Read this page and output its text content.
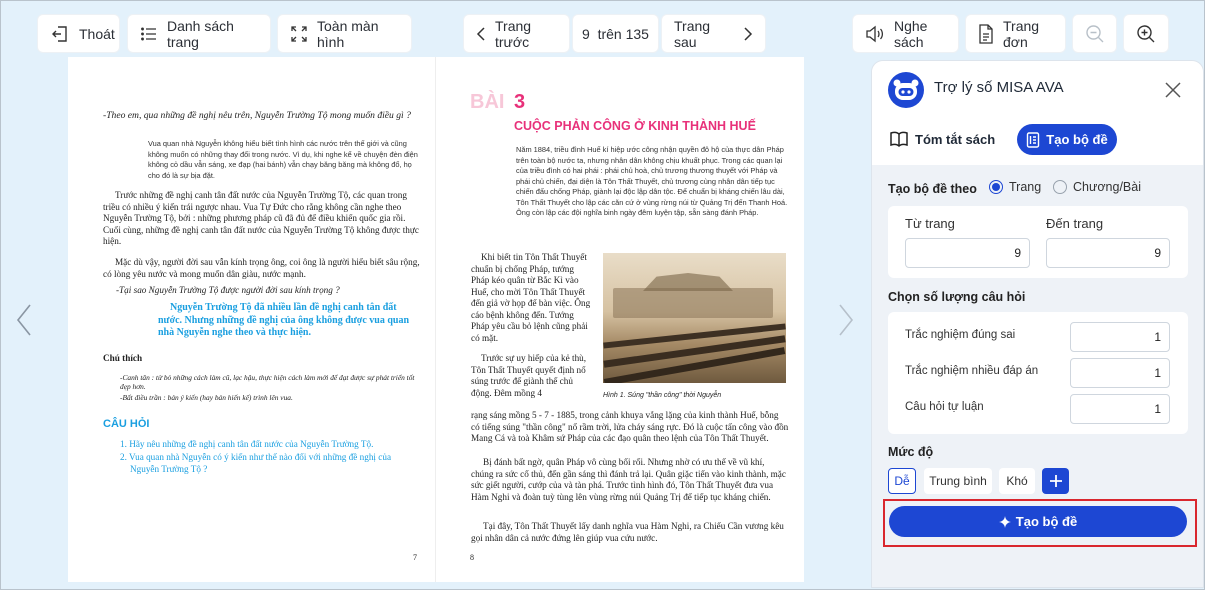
Thoát	Danh sách trang
Toàn màn hình
Trang trước	9  trên 135 Trang sau
Nghe sách
Trang đơn
-Theo em, qua những đề nghị nêu trên, Nguyễn Trường Tộ mong muốn điều gì ?
Vua quan nhà Nguyễn không hiểu biết tình hình các nước trên thế giới và cũng không muốn có những thay đổi trong nước. Vì dụ, khi nghe kể về chuyện đèn điện không cỏ dầu vẫn sáng, xe đạp (hai bánh) vẫn chạy băng băng mà không đổ, họ cho đó là sự bịa đặt.
Trước những đề nghị canh tân đất nước của Nguyễn Trường Tộ, các quan trong triều có nhiều ý kiến trái ngược nhau. Vua Tự Đức cho rằng không cần nghe theo Nguyễn Trường Tộ, bởi : những phương pháp cũ đã đủ để điều khiển quốc gia rồi. Cuối cùng, những đề nghị canh tân đất nước của Nguyễn Trường Tộ không được thực hiện.
Mặc dù vậy, người đời sau vẫn kính trọng ông, coi ông là người hiểu biết sâu rộng, có lòng yêu nước và mong muốn dân giàu, nước mạnh.
-Tại sao Nguyễn Trường Tộ được người đời sau kính trọng ?
Nguyễn Trường Tộ đã nhiều lần đề nghị canh tân đất nước. Nhưng những đề nghị của ông không được vua quan nhà Nguyễn nghe theo và thực hiện.
Chú thích
-Canh tân : từ bỏ những cách làm cũ, lạc hậu, thực hiện cách làm mới để đạt được sự phát triển tốt đẹp hơn.
-Bất điều trần : bản ý kiến (hay bản hiến kế) trình lên vua.
CÂU HỎI
1. Hãy nêu những đề nghị canh tân đất nước của Nguyễn Trường Tộ.
2. Vua quan nhà Nguyễn có ý kiến như thế nào đối với những đề nghị của Nguyễn Trường Tộ ?
7
BÀI 3
CUỘC PHẢN CÔNG Ở KINH THÀNH HUẾ
Năm 1884, triều đình Huế kí hiệp ước công nhận quyền đô hộ của thực dân Pháp trên toàn bộ nước ta, nhưng nhân dân không chịu khuất phục. Trong các quan lại của triều đình có hai phái : phái chủ hoà, chủ trương thương thuyết với Pháp và phái chủ chiến, đại diện là Tôn Thất Thuyết, chủ trương cùng nhân dân tiếp tục chiến đấu chống Pháp, giành lại độc lập dân tộc. Để chuẩn bị kháng chiến lâu dài, Tôn Thất Thuyết cho lập các căn cứ ở vùng rừng núi từ Quảng Trị đến Thanh Hoá. Ông còn lập các đội nghĩa binh ngày đêm luyện tập, sẵn sàng đánh Pháp.
Khi biết tin Tôn Thất Thuyết chuẩn bị chống Pháp, tướng Pháp kéo quân từ Bắc Kì vào Huế, cho mời Tôn Thất Thuyết đến giả vờ họp để bàn việc. Ông cáo bệnh không đến. Tướng Pháp yêu cầu bỏ lệnh cũng phải có mặt.
Trước sự uy hiếp của kẻ thù, Tôn Thất Thuyết quyết định nổ súng trước để giành thế chủ động. Đêm mồng 4	Hình 1. Súng "thần công" thời Nguyễn
rạng sáng mồng 5 - 7 - 1885, trong cảnh khuya vắng lặng của kinh thành Huế, bỗng có tiếng súng "thần công" nổ rầm trời, lửa cháy sáng rực. Đó là cuộc tấn công vào đồn Mang Cá và toà Khâm sứ Pháp của các đạo quân theo lệnh của Tôn Thất Thuyết.
Bị đánh bất ngờ, quân Pháp vô cùng bối rối. Nhưng nhờ có ưu thế về vũ khí, chúng ra sức cố thủ, đến gần sáng thì đánh trả lại. Quân giặc tiến vào kinh thành, mặc sức giết người, cướp của và tàn phá. Trước tình hình đó, Tôn Thất Thuyết đưa vua Hàm Nghi và đoàn tuỳ tùng lên vùng rừng núi Quảng Trị để tiếp tục kháng chiến.
Tại đây, Tôn Thất Thuyết lấy danh nghĩa vua Hàm Nghi, ra Chiếu Cần vương kêu gọi nhân dân cả nước đứng lên giúp vua cứu nước.
8
Trợ lý số MISA AVA
Tóm tắt sách	Tạo bộ đề
Tạo bộ đề theo	Trang	Chương/Bài
Từ trang	Đến trang
9	9
Chọn số lượng câu hỏi
Trắc nghiệm đúng sai	1
Trắc nghiệm nhiều đáp án	1
Câu hỏi tự luận	1
Mức độ
Dễ	Trung bình	Khó
Tạo bộ đề
